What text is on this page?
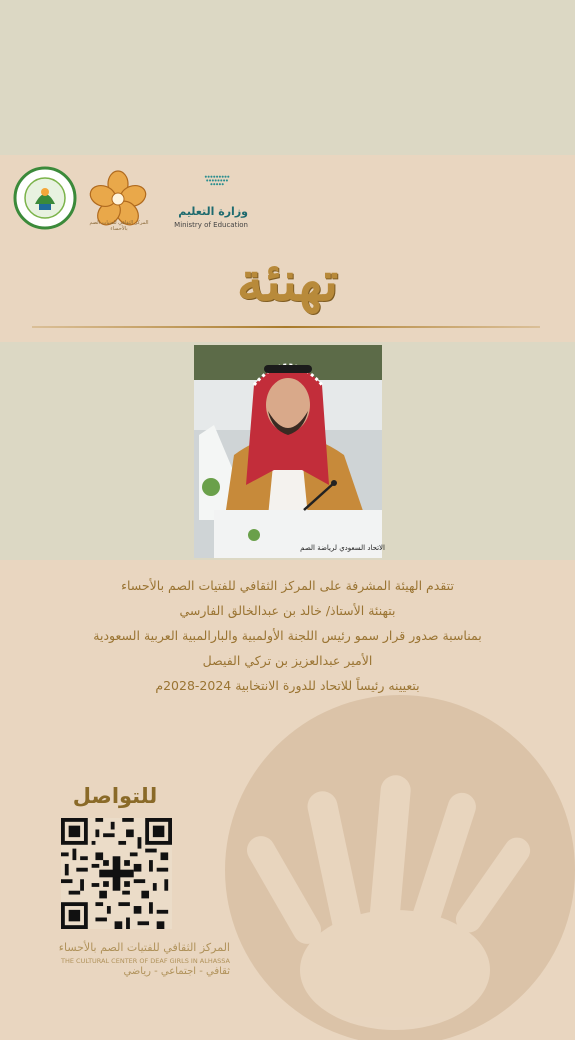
المركز الثقافي للفتيات الصم بالأحساء
وزارة التعليم
Ministry of Education
تهنئة
الاتحاد السعودي لرياضة الصم
تتقدم الهيئة المشرفة على المركز الثقافي للفتيات الصم بالأحساء
بتهنئة الأستاذ/ خالد بن عبدالخالق الفارسي
بمناسبة صدور قرار سمو رئيس اللجنة الأولمبية والبارالمبية العربية السعودية
الأمير عبدالعزيز بن تركي الفيصل
بتعيينه رئيساً للاتحاد للدورة الانتخابية 2024-2028م
للتواصل
المركز الثقافي للفتيات الصم بالأحساء
THE CULTURAL CENTER OF DEAF GIRLS IN ALHASSA
ثقافي - اجتماعي - رياضي
